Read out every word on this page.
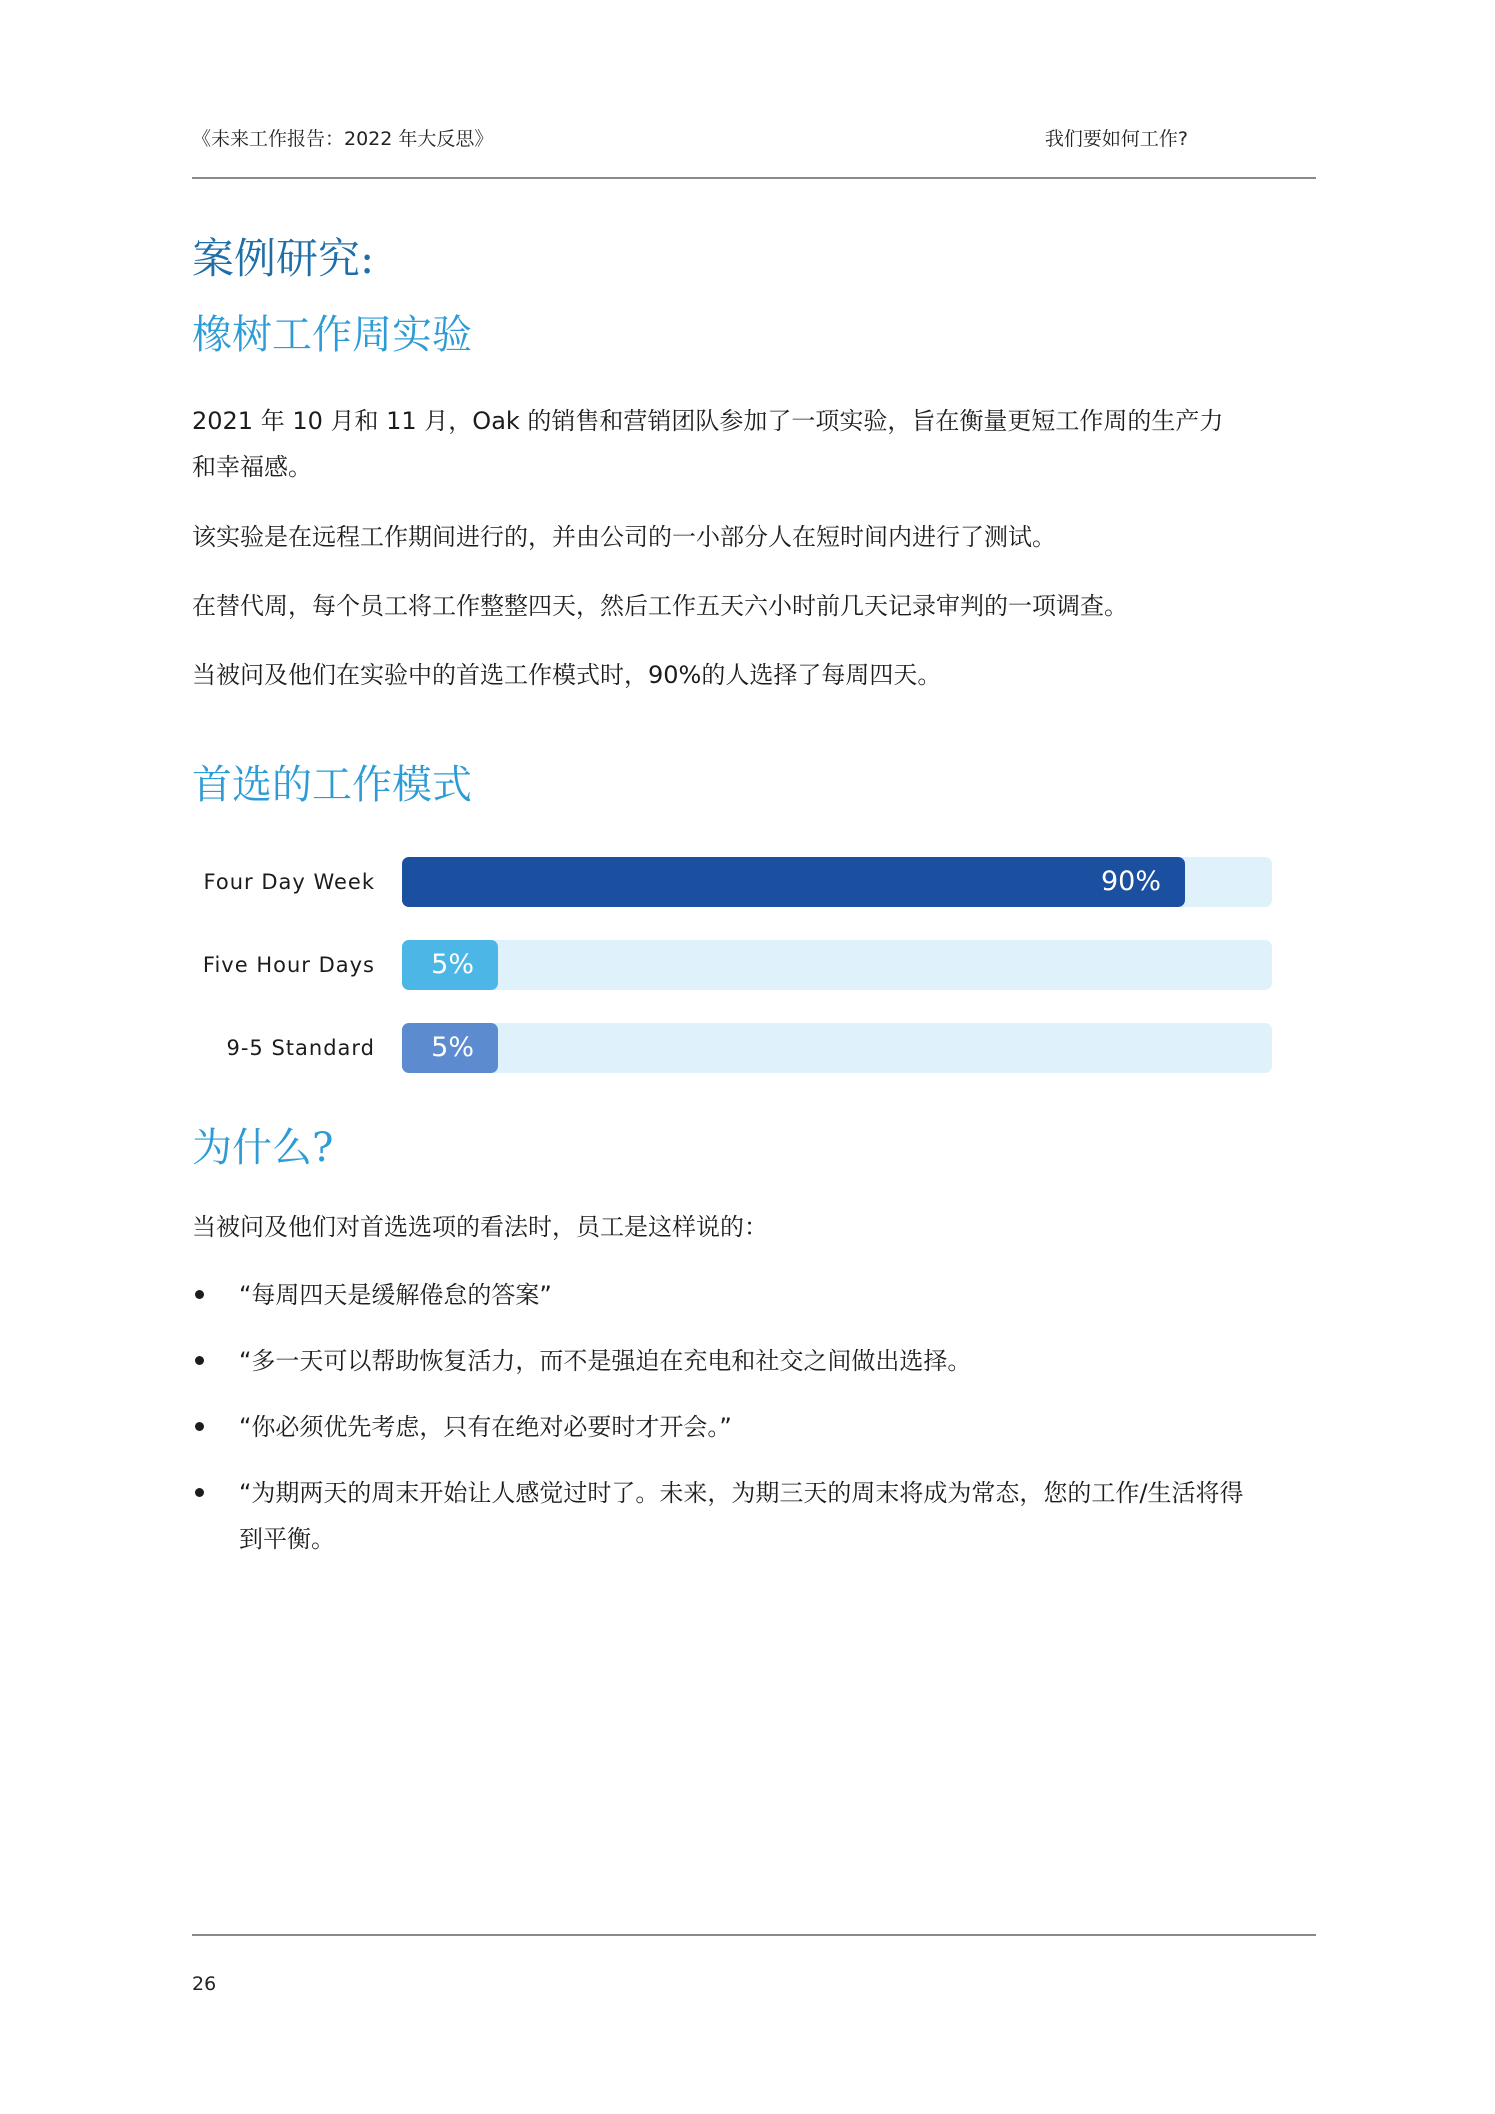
《未来工作报告：2022 年大反思》	我们要如何工作?
案例研究:
橡树工作周实验
2021 年 10 月和 11 月，Oak 的销售和营销团队参加了一项实验，旨在衡量更短工作周的生产力
和幸福感。
该实验是在远程工作期间进行的，并由公司的一小部分人在短时间内进行了测试。
在替代周，每个员工将工作整整四天，然后工作五天六小时前几天记录审判的一项调查。
当被问及他们在实验中的首选工作模式时，90%的人选择了每周四天。
首选的工作模式
Four Day Week	90%
Five Hour Days 5%
9-5 Standard 5%
为什么?
当被问及他们对首选选项的看法时，员工是这样说的：
“每周四天是缓解倦怠的答案”
“多一天可以帮助恢复活力，而不是强迫在充电和社交之间做出选择。
“你必须优先考虑，只有在绝对必要时才开会。”
“为期两天的周末开始让人感觉过时了。未来，为期三天的周末将成为常态，您的工作/生活将得到平衡。
26
